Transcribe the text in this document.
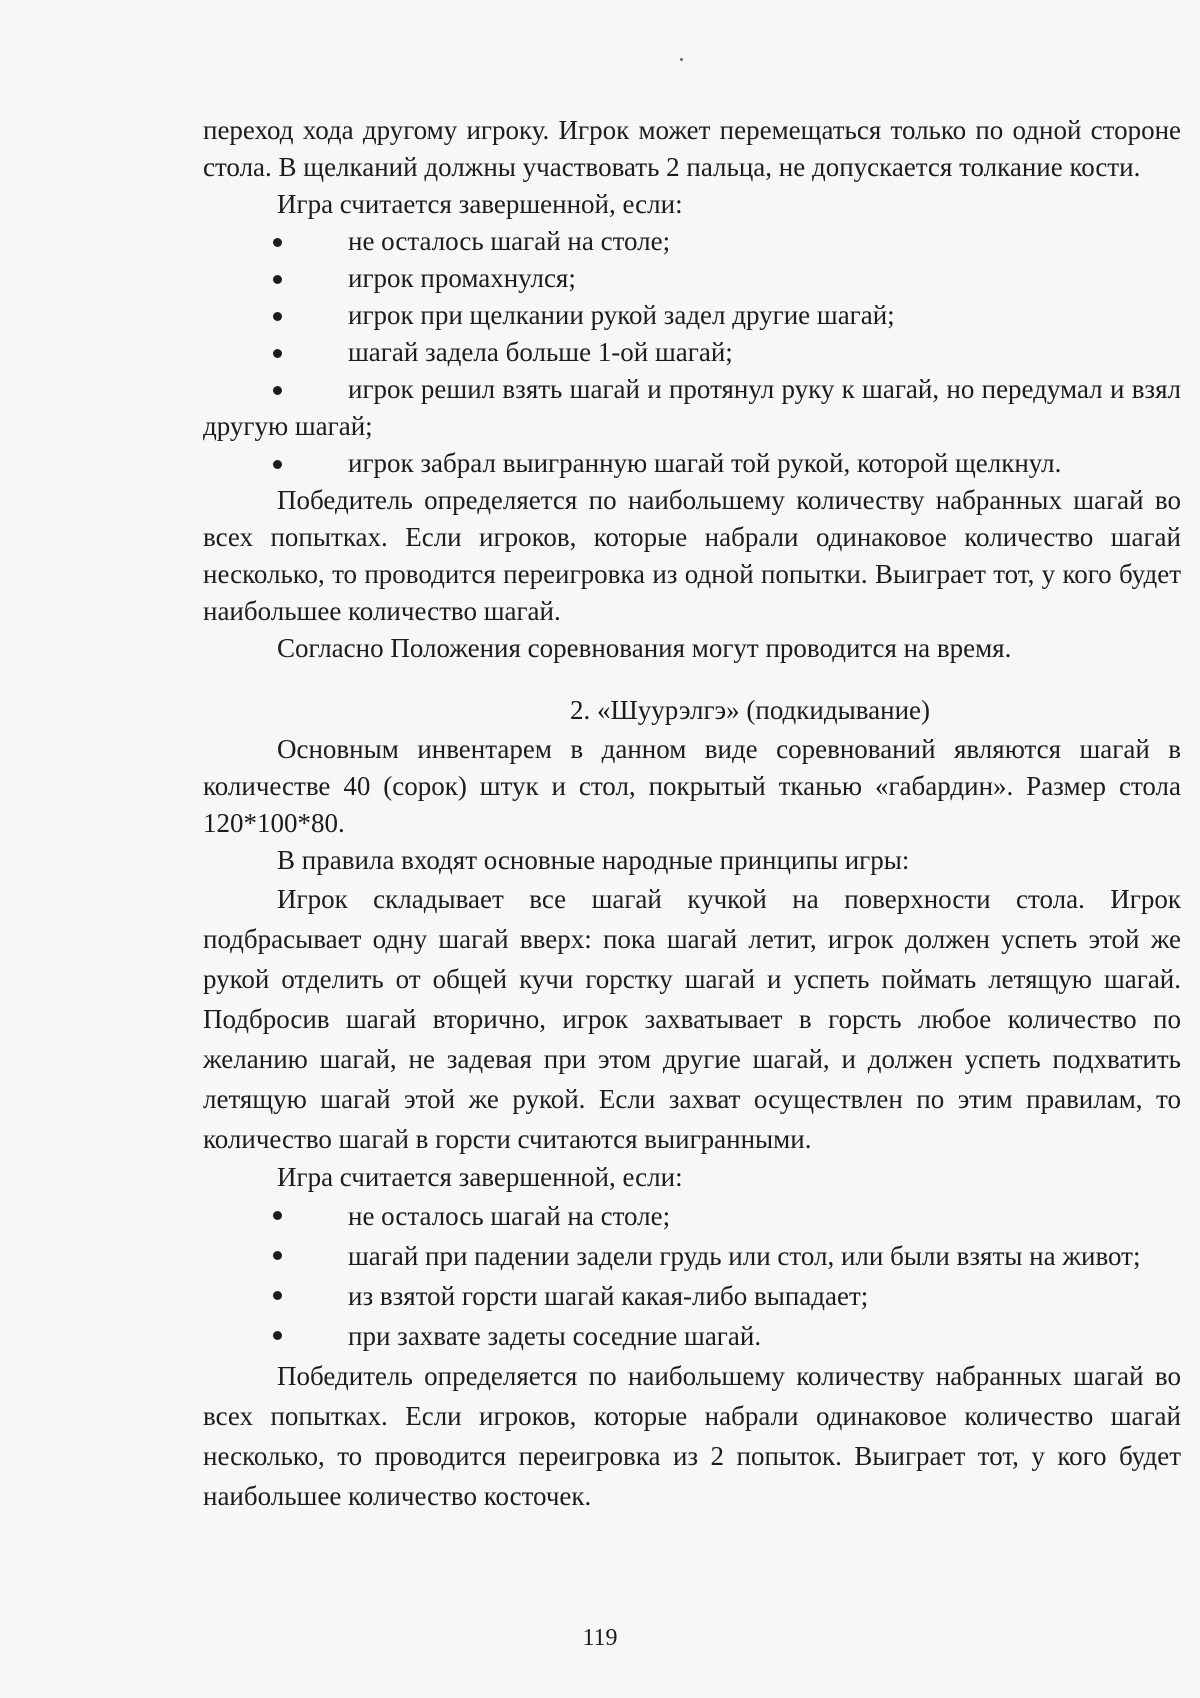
переход хода другому игроку. Игрок может перемещаться только по одной стороне стола. В щелканий должны участвовать 2 пальца, не допускается толкание кости.

Игра считается завершенной, если:

не осталось шагай на столе;
игрок промахнулся;
игрок при щелкании рукой задел другие шагай;
шагай задела больше 1-ой шагай;
игрок решил взять шагай и протянул руку к шагай, но передумал и взял другую шагай;
игрок забрал выигранную шагай той рукой, которой щелкнул.

Победитель определяется по наибольшему количеству набранных шагай во всех попытках. Если игроков, которые набрали одинаковое количество шагай несколько, то проводится переигровка из одной попытки. Выиграет тот, у кого будет наибольшее количество шагай.

Согласно Положения соревнования могут проводится на время.

2. «Шуурэлгэ» (подкидывание)

Основным инвентарем в данном виде соревнований являются шагай в количестве 40 (сорок) штук и стол, покрытый тканью «габардин». Размер стола 120*100*80.

В правила входят основные народные принципы игры:

Игрок складывает все шагай кучкой на поверхности стола. Игрок подбрасывает одну шагай вверх: пока шагай летит, игрок должен успеть этой же рукой отделить от общей кучи горстку шагай и успеть поймать летящую шагай. Подбросив шагай вторично, игрок захватывает в горсть любое количество по желанию шагай, не задевая при этом другие шагай, и должен успеть подхватить летящую шагай этой же рукой. Если захват осуществлен по этим правилам, то количество шагай в горсти считаются выигранными.

Игра считается завершенной, если:

не осталось шагай на столе;
шагай при падении задели грудь или стол, или были взяты на живот;
из взятой горсти шагай какая-либо выпадает;
при захвате задеты соседние шагай.

Победитель определяется по наибольшему количеству набранных шагай во всех попытках. Если игроков, которые набрали одинаковое количество шагай несколько, то проводится переигровка из 2 попыток. Выиграет тот, у кого будет наибольшее количество косточек.

119
